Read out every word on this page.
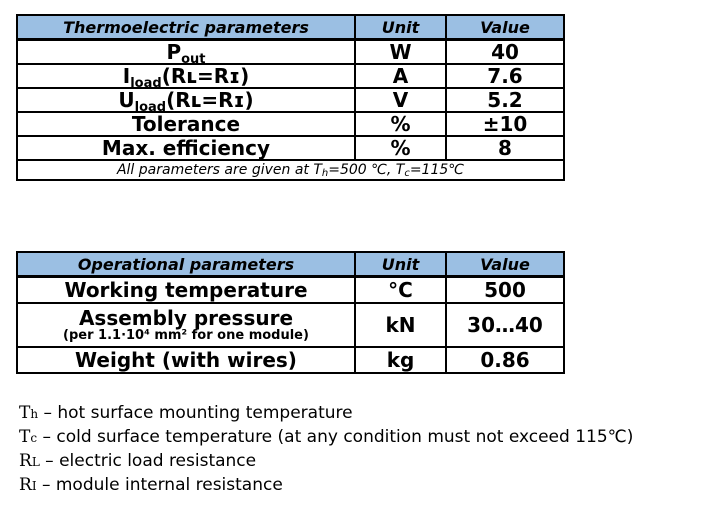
Thermoelectric parameters	Unit	Value
$P_{out}$	W	40
$I_{load}(Rʟ=Rɪ)$	A	7.6
$U_{load}(Rʟ=Rɪ)$	V	5.2
Tolerance	%	±10
Max. efficiency	%	8
All parameters are given at $T_h=500$ ℃, $T_c=115℃$		
Operational parameters	Unit	Value
Working temperature	°C	500

Assembly pressure
(per 1.1·10⁴ mm² for one module)	kN	30…40
Weight (with wires)	kg	0.86
Th – hot surface mounting temperature
Tc – cold surface temperature (at any condition must not exceed 115℃)
RL – electric load resistance
RI – module internal resistance
